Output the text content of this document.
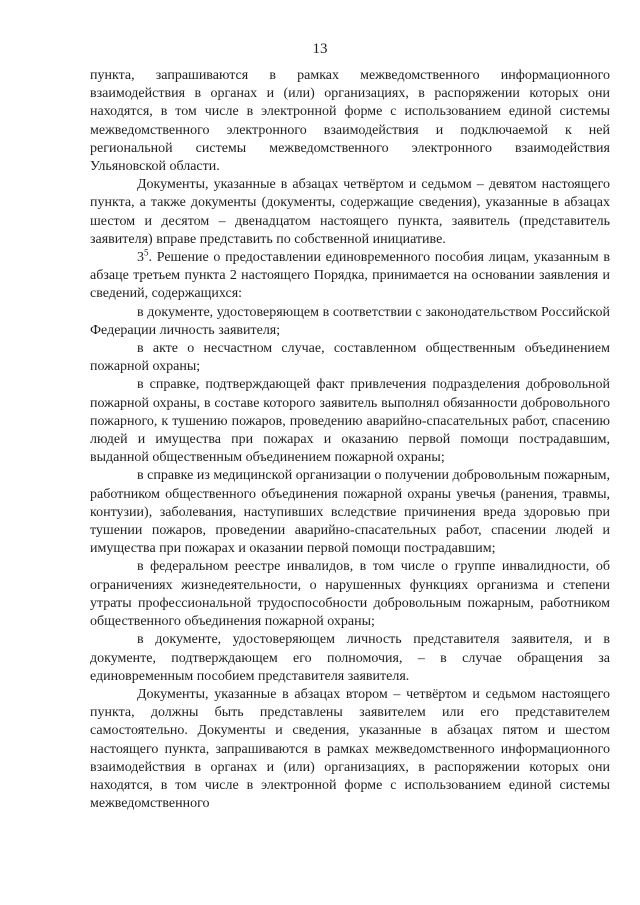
13

пункта, запрашиваются в рамках межведомственного информационного взаимодействия в органах и (или) организациях, в распоряжении которых они находятся, в том числе в электронной форме с использованием единой системы межведомственного электронного взаимодействия и подключаемой к ней региональной системы межведомственного электронного взаимодействия Ульяновской области.

Документы, указанные в абзацах четвёртом и седьмом – девятом настоящего пункта, а также документы (документы, содержащие сведения), указанные в абзацах шестом и десятом – двенадцатом настоящего пункта, заявитель (представитель заявителя) вправе представить по собственной инициативе.

$3^5$. Решение о предоставлении единовременного пособия лицам, указанным в абзаце третьем пункта 2 настоящего Порядка, принимается на основании заявления и сведений, содержащихся:

в документе, удостоверяющем в соответствии с законодательством Российской Федерации личность заявителя;

в акте о несчастном случае, составленном общественным объединением пожарной охраны;

в справке, подтверждающей факт привлечения подразделения добровольной пожарной охраны, в составе которого заявитель выполнял обязанности добровольного пожарного, к тушению пожаров, проведению аварийно-спасательных работ, спасению людей и имущества при пожарах и оказанию первой помощи пострадавшим, выданной общественным объединением пожарной охраны;

в справке из медицинской организации о получении добровольным пожарным, работником общественного объединения пожарной охраны увечья (ранения, травмы, контузии), заболевания, наступивших вследствие причинения вреда здоровью при тушении пожаров, проведении аварийно-спасательных работ, спасении людей и имущества при пожарах и оказании первой помощи пострадавшим;

в федеральном реестре инвалидов, в том числе о группе инвалидности, об ограничениях жизнедеятельности, о нарушенных функциях организма и степени утраты профессиональной трудоспособности добровольным пожарным, работником общественного объединения пожарной охраны;

в документе, удостоверяющем личность представителя заявителя, и в документе, подтверждающем его полномочия, – в случае обращения за единовременным пособием представителя заявителя.

Документы, указанные в абзацах втором – четвёртом и седьмом настоящего пункта, должны быть представлены заявителем или его представителем самостоятельно. Документы и сведения, указанные в абзацах пятом и шестом настоящего пункта, запрашиваются в рамках межведомственного информационного взаимодействия в органах и (или) организациях, в распоряжении которых они находятся, в том числе в электронной форме с использованием единой системы межведомственного
